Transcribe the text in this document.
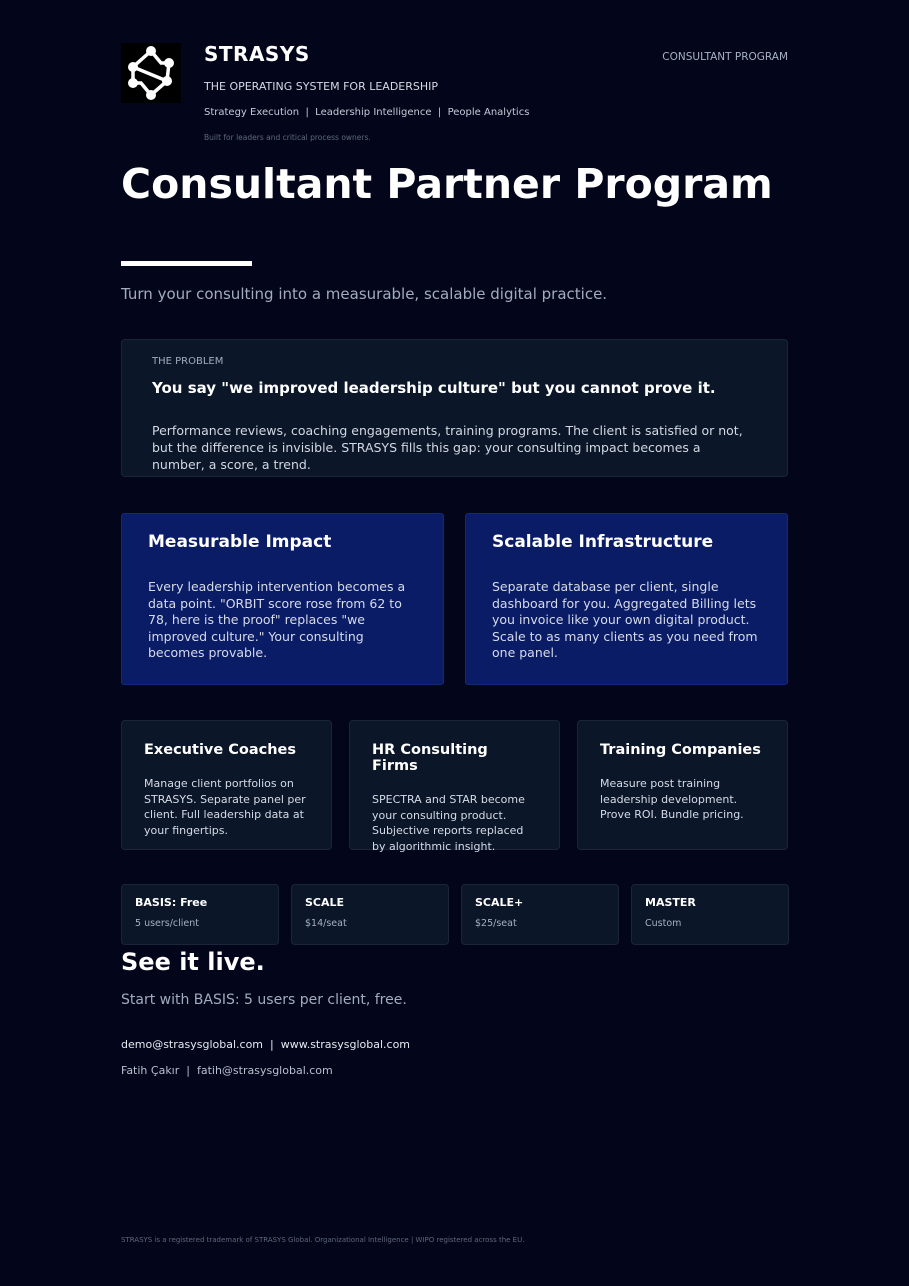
STRASYS
THE OPERATING SYSTEM FOR LEADERSHIP
Strategy Execution  |  Leadership Intelligence  |  People Analytics
Built for leaders and critical process owners.
CONSULTANT PROGRAM
Consultant Partner Program
Turn your consulting into a measurable, scalable digital practice.
THE PROBLEM
You say "we improved leadership culture" but you cannot prove it.
Performance reviews, coaching engagements, training programs. The client is satisfied or not, but the difference is invisible. STRASYS fills this gap: your consulting impact becomes a number, a score, a trend.
Measurable Impact

Every leadership intervention becomes a data point. "ORBIT score rose from 62 to 78, here is the proof" replaces "we improved culture." Your consulting becomes provable.

Scalable Infrastructure

Separate database per client, single dashboard for you. Aggregated Billing lets you invoice like your own digital product. Scale to as many clients as you need from one panel.

Executive Coaches

Manage client portfolios on STRASYS. Separate panel per client. Full leadership data at your fingertips.

HR Consulting Firms

SPECTRA and STAR become your consulting product. Subjective reports replaced by algorithmic insight.

Training Companies

Measure post training leadership development. Prove ROI. Bundle pricing.

BASIS: Free
5 users/client
SCALE
$14/seat
SCALE+
$25/seat
MASTER
Custom
See it live.
Start with BASIS: 5 users per client, free.
demo@strasysglobal.com  |  www.strasysglobal.com
Fatih Çakır  |  fatih@strasysglobal.com
STRASYS is a registered trademark of STRASYS Global. Organizational Intelligence | WIPO registered across the EU.
